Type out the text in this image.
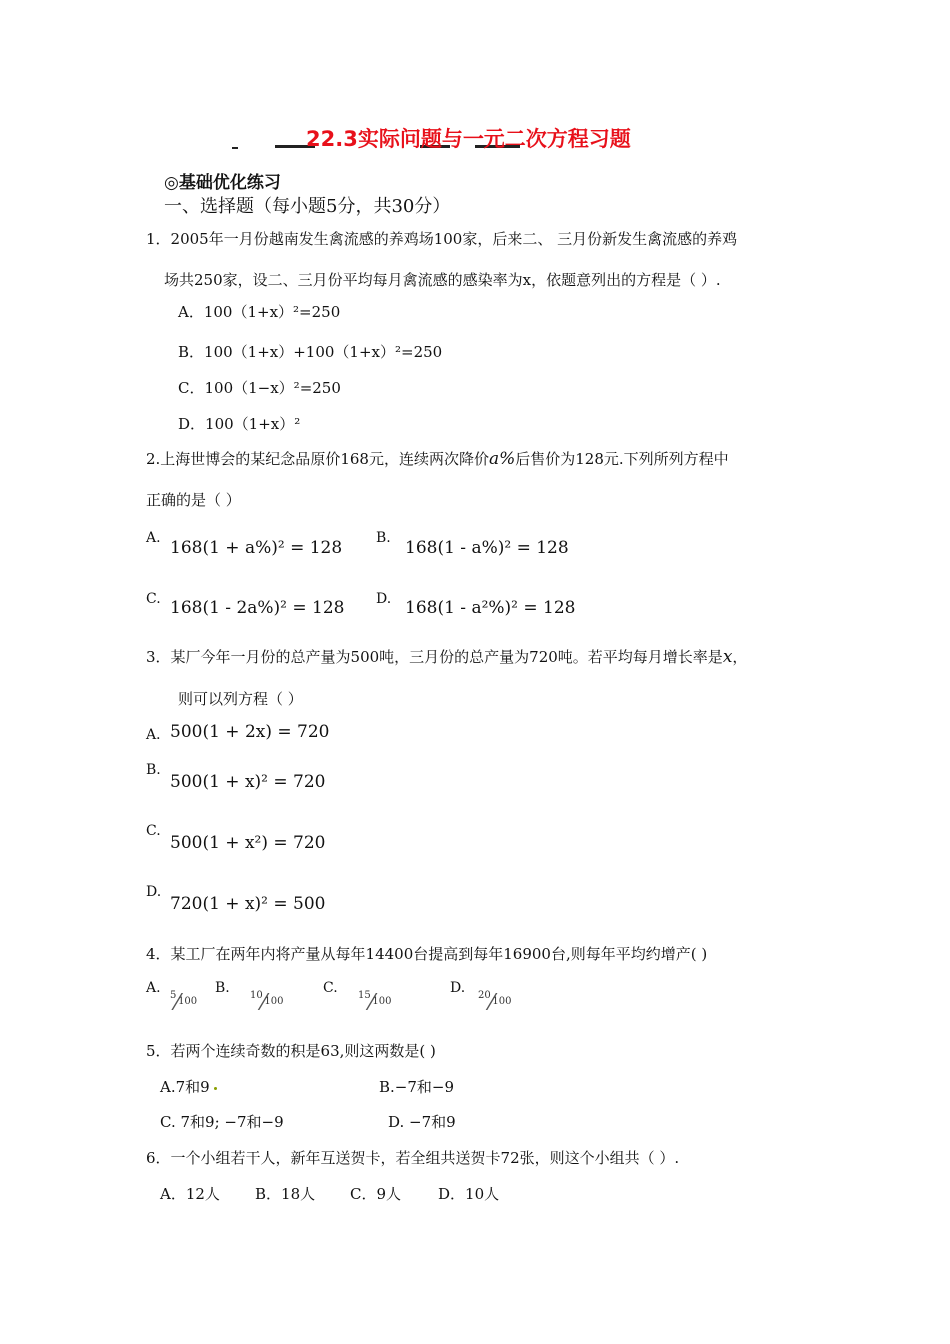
22.3实际问题与一元二次方程习题
◎基础优化练习
一、选择题（每小题5分，共30分）
1．2005年一月份越南发生禽流感的养鸡场100家，后来二、 三月份新发生禽流感的养鸡
场共250家，设二、三月份平均每月禽流感的感染率为x，依题意列出的方程是（ ）.
A．100（1+x）²=250
B．100（1+x）+100（1+x）²=250
C．100（1−x）²=250
D．100（1+x）²
2.上海世博会的某纪念品原价168元，连续两次降价a%后售价为128元.下列所列方程中
正确的是（ ）
A. 168(1 + a%)² = 128 B. 168(1 - a%)² = 128
C. 168(1 - 2a%)² = 128 D. 168(1 - a²%)² = 128
3．某厂今年一月份的总产量为500吨，三月份的总产量为720吨。若平均每月增长率是x，
则可以列方程（ ）
A． 500(1 + 2x) = 720
B.
500(1 + x)² = 720
C.
500(1 + x²) = 720
D.
720(1 + x)² = 500
4．某工厂在两年内将产量从每年14400台提高到每年16900台,则每年平均约增产( )
A. 5⁄100
B. 10⁄100
C. 15⁄100
D. 20⁄100
5．若两个连续奇数的积是63,则这两数是( )
A.7和9	B.−7和−9
C. 7和9; −7和−9	D. −7和9
6．一个小组若干人，新年互送贺卡，若全组共送贺卡72张，则这个小组共（ ）.
A．12人 B．18人 C．9人 D．10人
